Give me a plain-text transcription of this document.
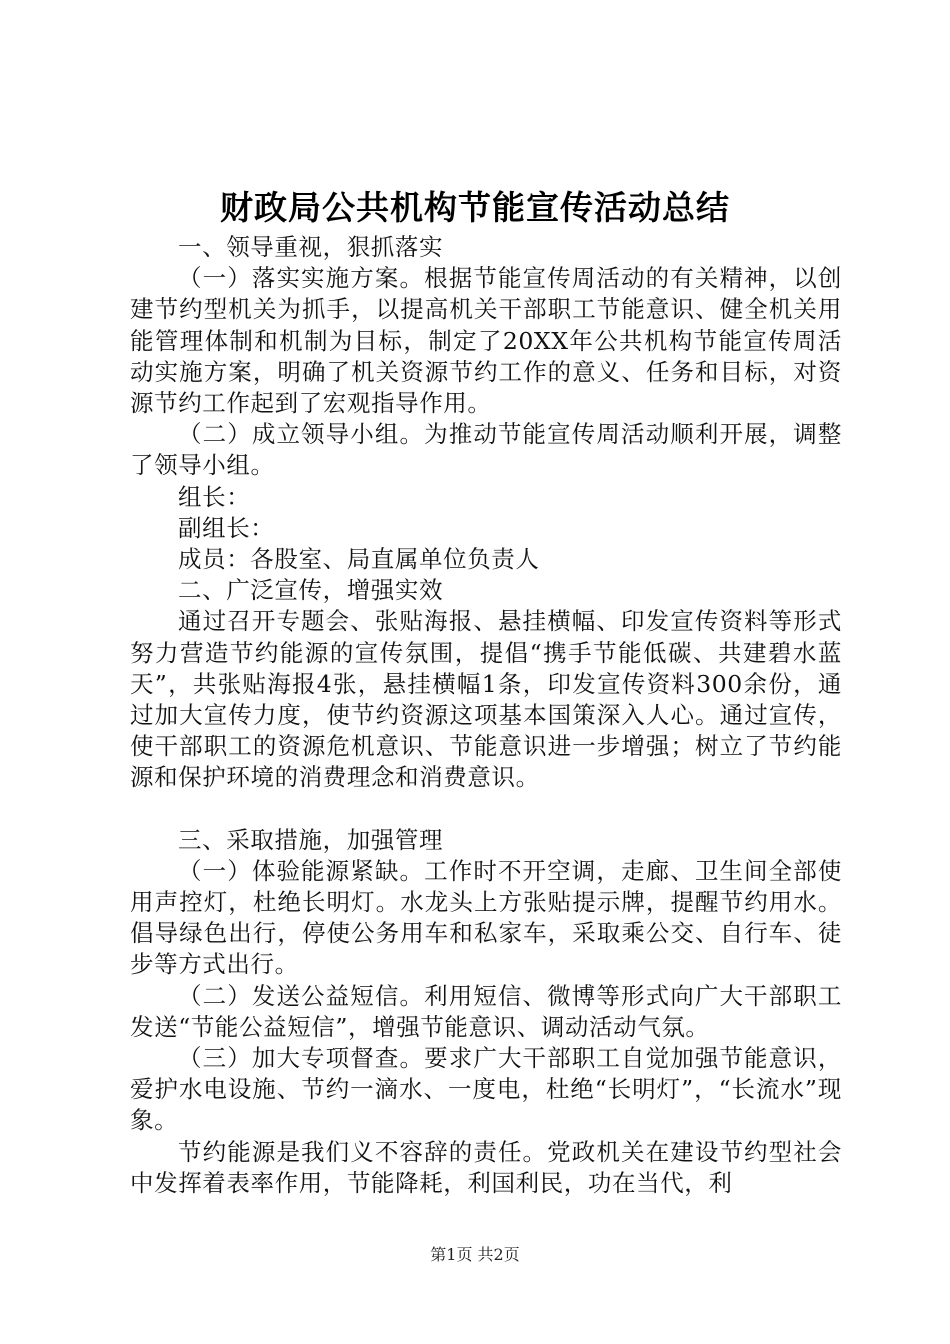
财政局公共机构节能宣传活动总结

一、领导重视，狠抓落实

（一）落实实施方案。根据节能宣传周活动的有关精神，以创建节约型机关为抓手，以提高机关干部职工节能意识、健全机关用能管理体制和机制为目标，制定了20XX年公共机构节能宣传周活动实施方案，明确了机关资源节约工作的意义、任务和目标，对资源节约工作起到了宏观指导作用。

（二）成立领导小组。为推动节能宣传周活动顺利开展，调整了领导小组。

组长：

副组长：

成员：各股室、局直属单位负责人

二、广泛宣传，增强实效

通过召开专题会、张贴海报、悬挂横幅、印发宣传资料等形式努力营造节约能源的宣传氛围，提倡“携手节能低碳、共建碧水蓝天”，共张贴海报4张，悬挂横幅1条，印发宣传资料300余份，通过加大宣传力度，使节约资源这项基本国策深入人心。通过宣传，使干部职工的资源危机意识、节能意识进一步增强；树立了节约能源和保护环境的消费理念和消费意识。

三、采取措施，加强管理

（一）体验能源紧缺。工作时不开空调，走廊、卫生间全部使用声控灯，杜绝长明灯。水龙头上方张贴提示牌，提醒节约用水。倡导绿色出行，停使公务用车和私家车，采取乘公交、自行车、徒步等方式出行。

（二）发送公益短信。利用短信、微博等形式向广大干部职工发送“节能公益短信”，增强节能意识、调动活动气氛。

（三）加大专项督查。要求广大干部职工自觉加强节能意识，爱护水电设施、节约一滴水、一度电，杜绝“长明灯”，“长流水”现象。

节约能源是我们义不容辞的责任。党政机关在建设节约型社会中发挥着表率作用，节能降耗，利国利民，功在当代，利

第1页 共2页
